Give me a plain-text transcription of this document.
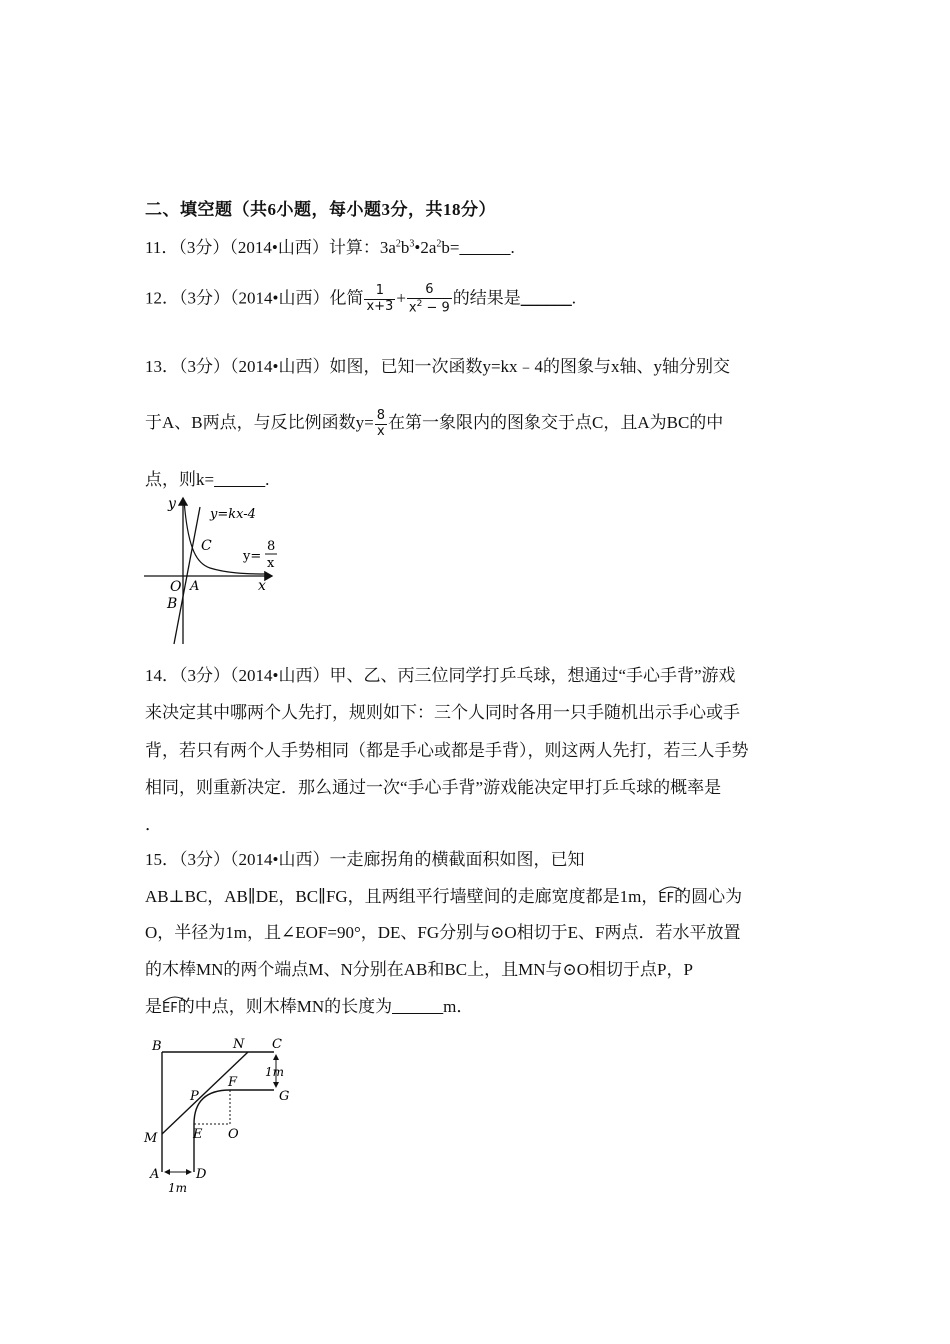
二、填空题（共6小题，每小题3分，共18分）
11．（3分）（2014•山西）计算：$3a^2b^3•2a^2b=\_\_\_\_\_\_$.
12．（3分）（2014•山西）化简 $\frac{1}{x+3} + \frac{6}{x^2 - 9}$ 的结果是______.
13．（3分）（2014•山西）如图，已知一次函数y=kx﹣4的图象与x轴、y轴分别交
于A、B两点，与反比例函数$y= \frac{8}{x}$ 在第一象限内的图象交于点C，且A为BC的中
点，则k=______.
y
x
y=kx-4
C
y=
8
x
O A
B
14．（3分）（2014•山西）甲、乙、丙三位同学打乒乓球，想通过“手心手背”游戏
来决定其中哪两个人先打，规则如下：三个人同时各用一只手随机出示手心或手
背，若只有两个人手势相同（都是手心或都是手背），则这两人先打，若三人手势
相同，则重新决定．那么通过一次“手心手背”游戏能决定甲打乒乓球的概率是
．
15．（3分）（2014•山西）一走廊拐角的横截面积如图，已知
AB⊥BC，AB∥DE，BC∥FG，且两组平行墙壁间的走廊宽度都是1m，
EF的圆心为
O，半径为1m，且∠EOF=90°，DE、FG分别与⊙O相切于E、F两点．若水平放置
的木棒MN的两个端点M、N分别在AB和BC上，且MN与⊙O相切于点P，P
是
EF的中点，则木棒MN的长度为______m．
B	N C
1m
G
F
P
M	E O
A	D
1m
